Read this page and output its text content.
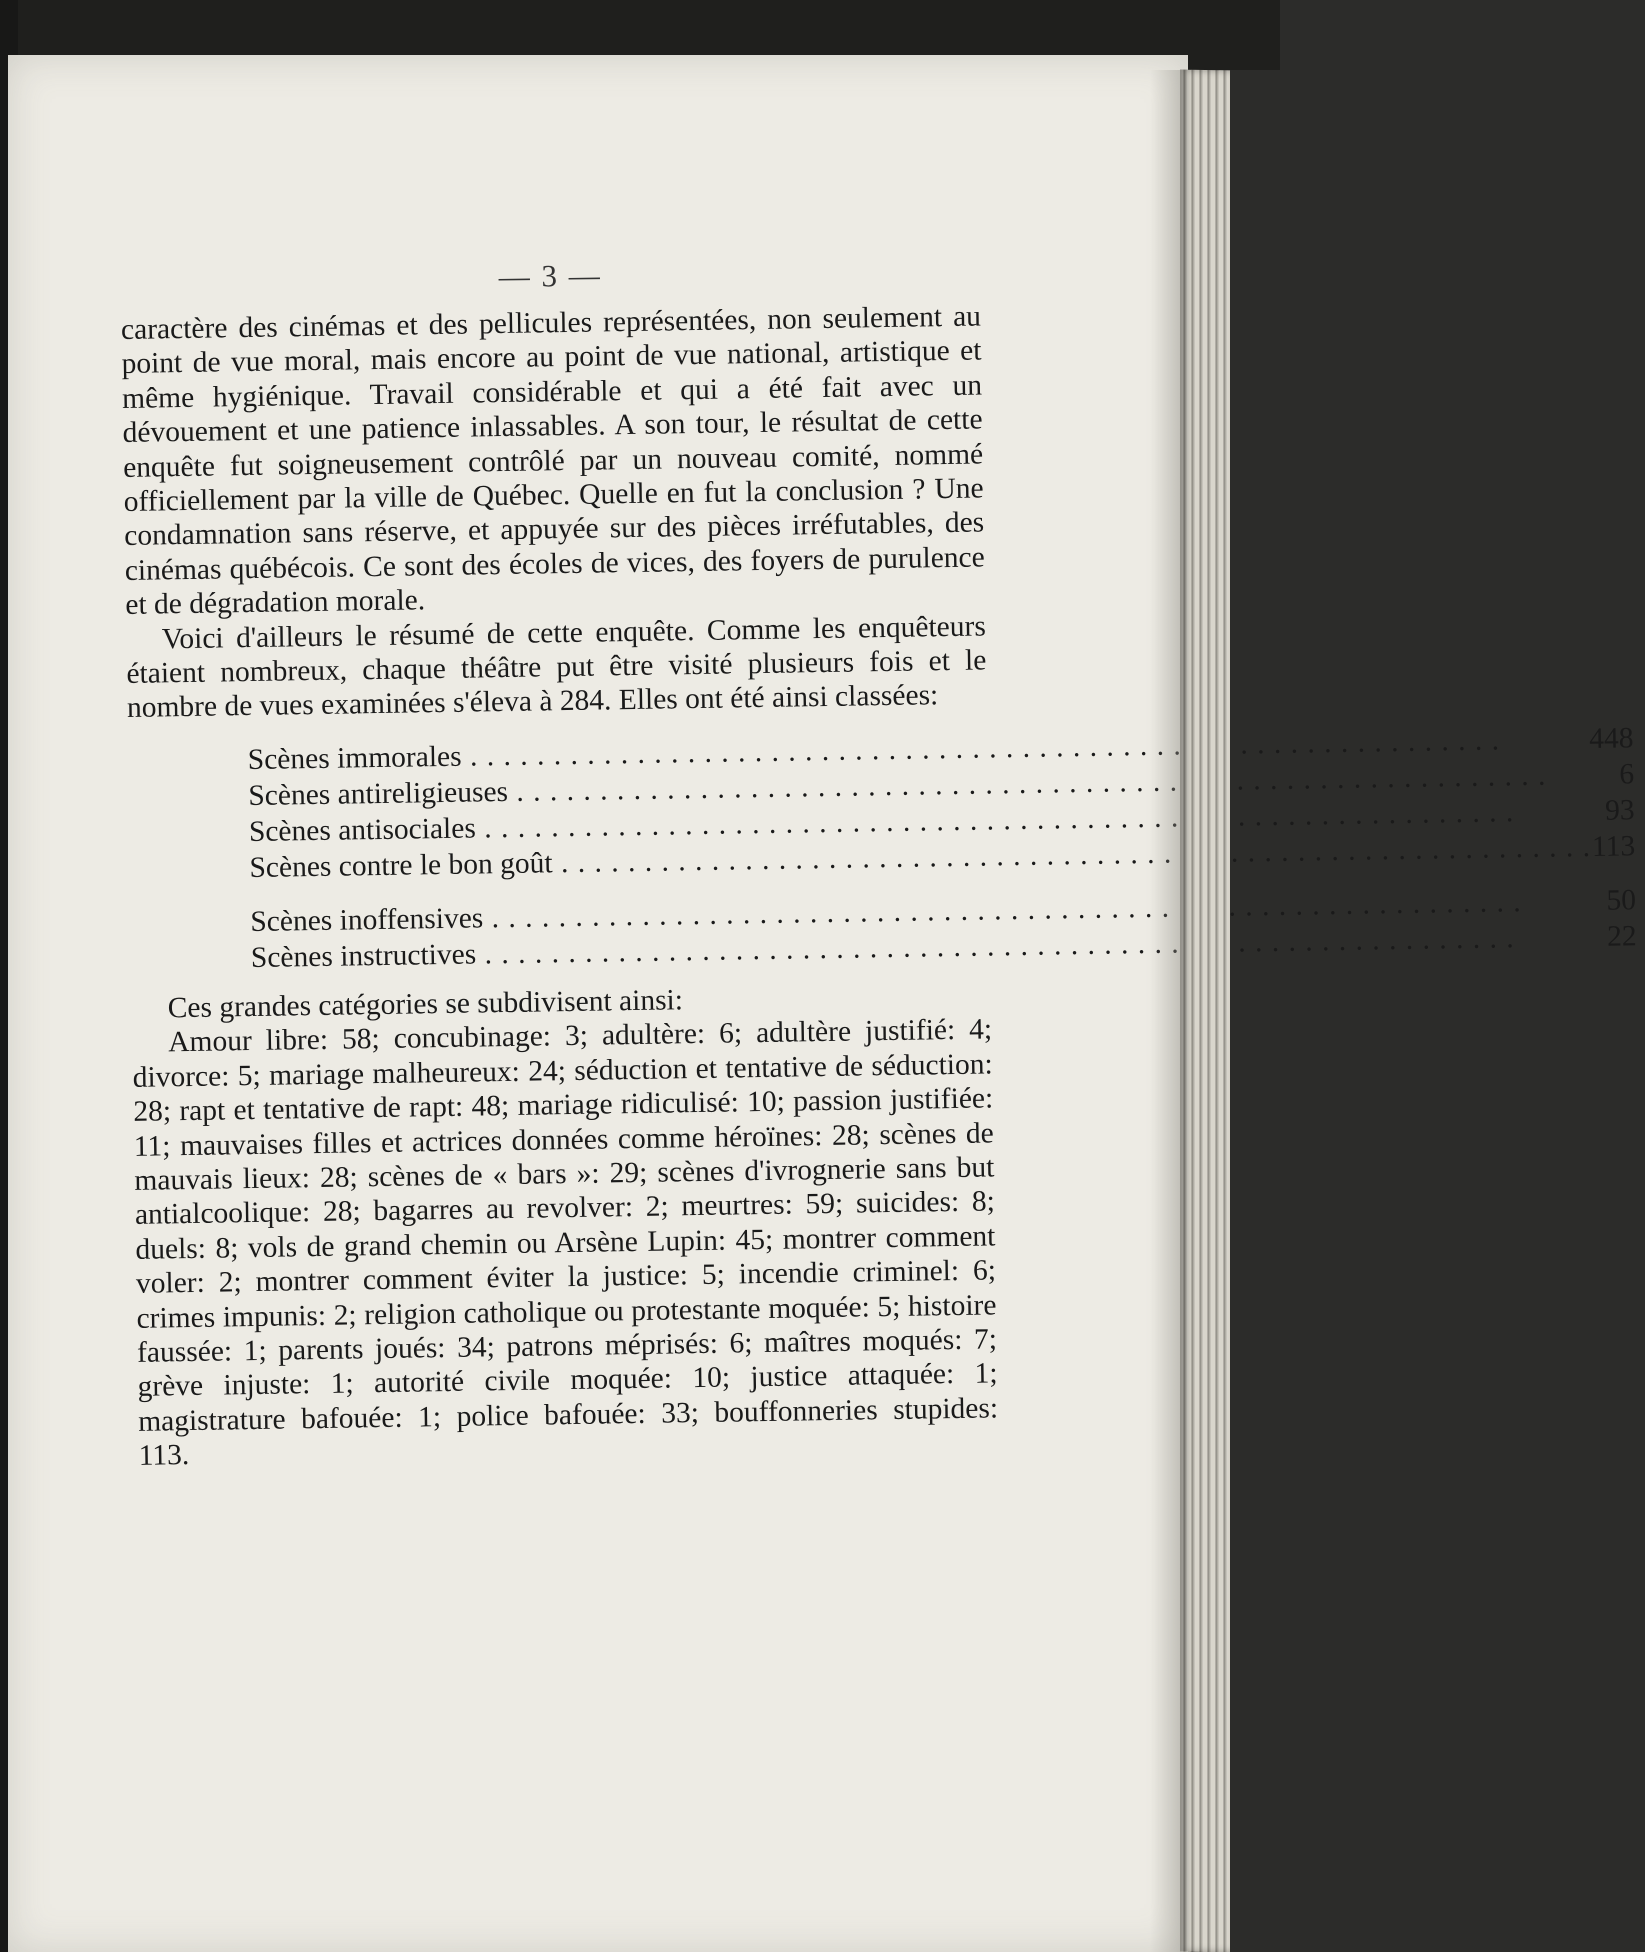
— 3 —

caractère des cinémas et des pellicules représentées, non seulement au point de vue moral, mais encore au point de vue national, artistique et même hygiénique. Travail considérable et qui a été fait avec un dévouement et une patience inlassables. A son tour, le résultat de cette enquête fut soigneusement contrôlé par un nouveau comité, nommé officiellement par la ville de Québec. Quelle en fut la conclusion ? Une condamnation sans réserve, et appuyée sur des pièces irréfutables, des cinémas québécois. Ce sont des écoles de vices, des foyers de purulence et de dégradation morale.

Voici d'ailleurs le résumé de cette enquête. Comme les enquêteurs étaient nombreux, chaque théâtre put être visité plusieurs fois et le nombre de vues examinées s'éleva à 284. Elles ont été ainsi classées:

Scènes immorales . . .	448
Scènes antireligieuses . . .	6
Scènes antisociales . . .	93
Scènes contre le bon goût . . .	113

Scènes inoffensives . . .	50
Scènes instructives . . .	22

Ces grandes catégories se subdivisent ainsi:

Amour libre: 58; concubinage: 3; adultère: 6; adultère justifié: 4; divorce: 5; mariage malheureux: 24; séduction et tentative de séduction: 28; rapt et tentative de rapt: 48; mariage ridiculisé: 10; passion justifiée: 11; mauvaises filles et actrices données comme héroïnes: 28; scènes de mauvais lieux: 28; scènes de « bars »: 29; scènes d'ivrognerie sans but antialcoolique: 28; bagarres au revolver: 2; meurtres: 59; suicides: 8; duels: 8; vols de grand chemin ou Arsène Lupin: 45; montrer comment voler: 2; montrer comment éviter la justice: 5; incendie criminel: 6; crimes impunis: 2; religion catholique ou protestante moquée: 5; histoire faussée: 1; parents joués: 34; patrons méprisés: 6; maîtres moqués: 7; grève injuste: 1; autorité civile moquée: 10; justice attaquée: 1; magistrature bafouée: 1; police bafouée: 33; bouffonneries stupides: 113.
